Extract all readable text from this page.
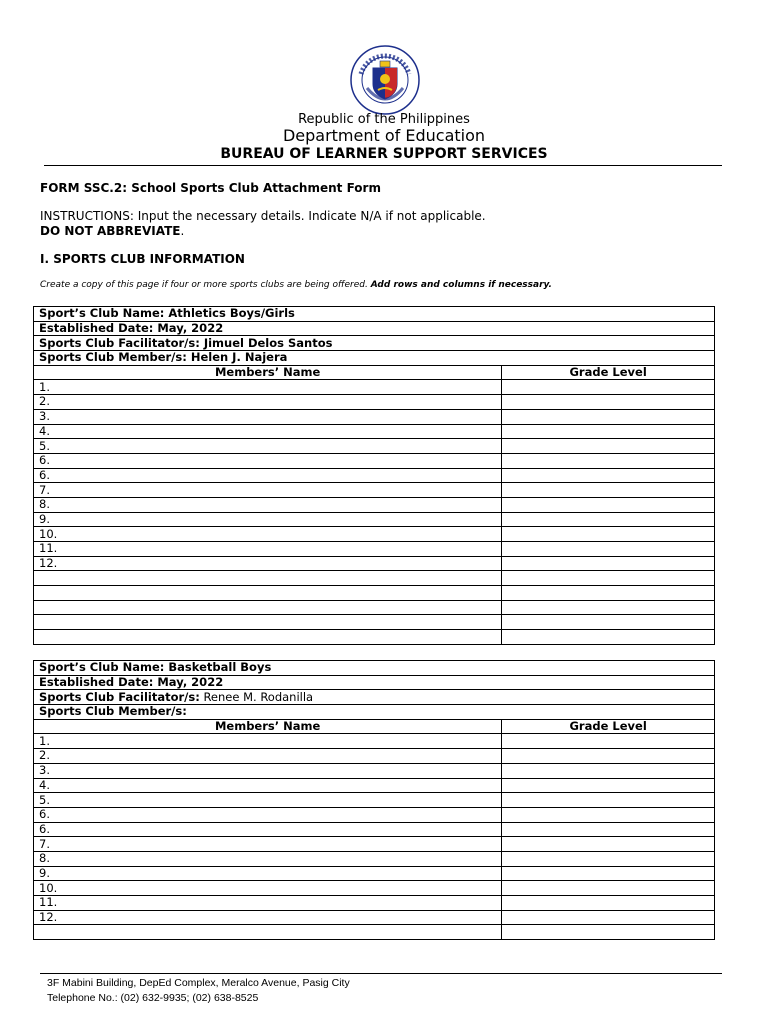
Republic of the Philippines
Department of Education
BUREAU OF LEARNER SUPPORT SERVICES
FORM SSC.2: School Sports Club Attachment Form
INSTRUCTIONS: Input the necessary details. Indicate N/A if not applicable.
DO NOT ABBREVIATE.
I. SPORTS CLUB INFORMATION
Create a copy of this page if four or more sports clubs are being offered. Add rows and columns if necessary.
Sport’s Club Name: Athletics Boys/Girls	
Established Date: May, 2022	
Sports Club Facilitator/s: Jimuel Delos Santos	
Sports Club Member/s: Helen J. Najera	
Members’ Name	Grade Level
1.	
2.	
3.	
4.	
5.	
6.	
6.	
7.	
8.	
9.	
10.	
11.	
12.	

Sport’s Club Name: Basketball Boys	
Established Date: May, 2022	
Sports Club Facilitator/s: Renee M. Rodanilla	
Sports Club Member/s:	
Members’ Name	Grade Level
1.	
2.	
3.	
4.	
5.	
6.	
6.	
7.	
8.	
9.	
10.	
11.	
12.	

3F Mabini Building, DepEd Complex, Meralco Avenue, Pasig City
Telephone No.: (02) 632-9935; (02) 638-8525
